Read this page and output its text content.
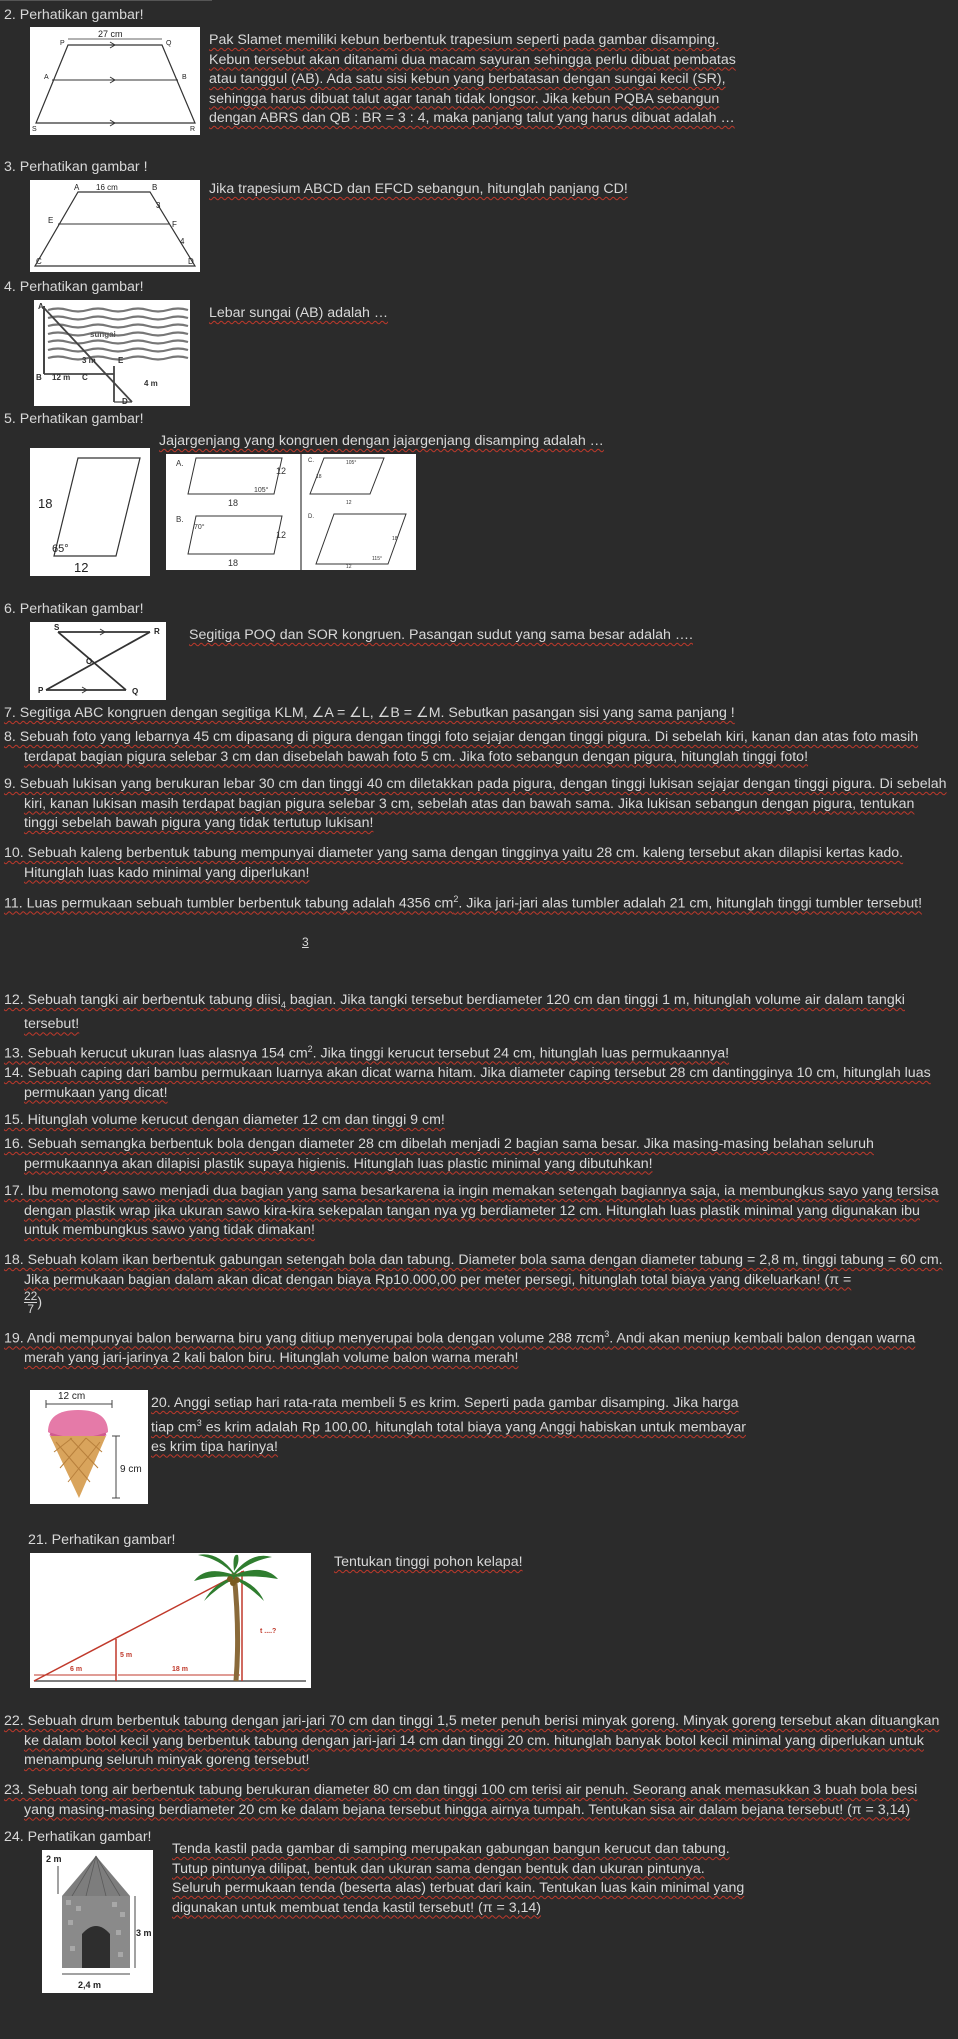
2. Perhatikan gambar!
27 cm
P	Q
A	B
S	R
Pak Slamet memiliki kebun berbentuk trapesium seperti pada gambar disamping. Kebun tersebut akan ditanami dua macam sayuran sehingga perlu dibuat pembatas atau tanggul (AB). Ada satu sisi kebun yang berbatasan dengan sungai kecil (SR), sehingga harus dibuat talut agar tanah tidak longsor. Jika kebun PQBA sebangun dengan ABRS dan QB : BR = 3 : 4, maka panjang talut yang harus dibuat adalah …
3. Perhatikan gambar !
A 16 cm	B
3
E	F
4
C	D
Jika trapesium ABCD dan EFCD sebangun, hitunglah panjang CD!
4. Perhatikan gambar!
A
sungai
3 m	E
B 12 m C
4 m
D
Lebar sungai (AB) adalah …
5. Perhatikan gambar!
Jajargenjang yang kongruen dengan jajargenjang disamping adalah …
18
65°
12
A.
12
105°
18
B.
70°
12
18
C.	105°
18
12
D.
18
115°
12
6. Perhatikan gambar!
S	R
O
P	Q
Segitiga POQ dan SOR kongruen. Pasangan sudut yang sama besar adalah ….
7. Segitiga ABC kongruen dengan segitiga KLM, ∠A = ∠L, ∠B = ∠M. Sebutkan pasangan sisi yang sama panjang !
8. Sebuah foto yang lebarnya 45 cm dipasang di pigura dengan tinggi foto sejajar dengan tinggi pigura. Di sebelah kiri, kanan dan atas foto masih terdapat bagian pigura selebar 3 cm dan disebelah bawah foto 5 cm. Jika foto sebangun dengan pigura, hitunglah tinggi foto!
9. Sebuah lukisan yang berukuran lebar 30 cm dan tinggi 40 cm diletakkan pada pigura, dengan tinggi lukisan sejajar dengan tinggi pigura. Di sebelah kiri, kanan lukisan masih terdapat bagian pigura selebar 3 cm, sebelah atas dan bawah sama. Jika lukisan sebangun dengan pigura, tentukan tinggi sebelah bawah pigura yang tidak tertutup lukisan!
10. Sebuah kaleng berbentuk tabung mempunyai diameter yang sama dengan tingginya yaitu 28 cm. kaleng tersebut akan dilapisi kertas kado. Hitunglah luas kado minimal yang diperlukan!
11. Luas permukaan sebuah tumbler berbentuk tabung adalah 4356 $cm^2$. Jika jari-jari alas tumbler adalah 21 cm, hitunglah tinggi tumbler tersebut!
3
12. Sebuah tangki air berbentuk tabung diisi$_4$ bagian. Jika tangki tersebut berdiameter 120 cm dan tinggi 1 m, hitunglah volume air dalam tangki tersebut!
13. Sebuah kerucut ukuran luas alasnya 154 $cm^2$. Jika tinggi kerucut tersebut 24 cm, hitunglah luas permukaannya!
14. Sebuah caping dari bambu permukaan luarnya akan dicat warna hitam. Jika diameter caping tersebut 28 cm dantingginya 10 cm, hitunglah luas permukaan yang dicat!
15. Hitunglah volume kerucut dengan diameter 12 cm dan tinggi 9 cm!
16. Sebuah semangka berbentuk bola dengan diameter 28 cm dibelah menjadi 2 bagian sama besar. Jika masing-masing belahan seluruh permukaannya akan dilapisi plastik supaya higienis. Hitunglah luas plastic minimal yang dibutuhkan!
17. Ibu memotong sawo menjadi dua bagian yang sama besarkarena ia ingin memakan setengah bagiannya saja, ia membungkus sayo yang tersisa dengan plastik wrap jika ukuran sawo kira-kira sekepalan tangan nya yg berdiameter 12 cm. Hitunglah luas plastik minimal yang digunakan ibu untuk membungkus sawo yang tidak dimakan!
18. Sebuah kolam ikan berbentuk gabungan setengah bola dan tabung. Diameter bola sama dengan diameter tabung = 2,8 m, tinggi tabung = 60 cm. Jika permukaan bagian dalam akan dicat dengan biaya Rp10.000,00 per meter persegi, hitunglah total biaya yang dikeluarkan! (π =
$\frac{22}{7}$ )
19. Andi mempunyai balon berwarna biru yang ditiup menyerupai bola dengan volume 288 πcm$^3$. Andi akan meniup kembali balon dengan warna merah yang jari-jarinya 2 kali balon biru. Hitunglah volume balon warna merah!
12 cm
9 cm
20. Anggi setiap hari rata-rata membeli 5 es krim. Seperti pada gambar disamping. Jika harga tiap $cm^3$ es krim adalah Rp 100,00, hitunglah total biaya yang Anggi habiskan untuk membayar es krim tipa harinya!
21. Perhatikan gambar!
5 m
6 m	18 m
t ....?
Tentukan tinggi pohon kelapa!
22. Sebuah drum berbentuk tabung dengan jari-jari 70 cm dan tinggi 1,5 meter penuh berisi minyak goreng. Minyak goreng tersebut akan dituangkan ke dalam botol kecil yang berbentuk tabung dengan jari-jari 14 cm dan tinggi 20 cm. hitunglah banyak botol kecil minimal yang diperlukan untuk menampung seluruh minyak goreng tersebut!
23. Sebuah tong air berbentuk tabung berukuran diameter 80 cm dan tinggi 100 cm terisi air penuh. Seorang anak memasukkan 3 buah bola besi yang masing-masing berdiameter 20 cm ke dalam bejana tersebut hingga airnya tumpah. Tentukan sisa air dalam bejana tersebut! (π = 3,14)
24. Perhatikan gambar!
2 m
3 m
2,4 m
Tenda kastil pada gambar di samping merupakan gabungan bangun kerucut dan tabung. Tutup pintunya dilipat, bentuk dan ukuran sama dengan bentuk dan ukuran pintunya. Seluruh permukaan tenda (beserta alas) terbuat dari kain. Tentukan luas kain minimal yang digunakan untuk membuat tenda kastil tersebut! (π = 3,14)
